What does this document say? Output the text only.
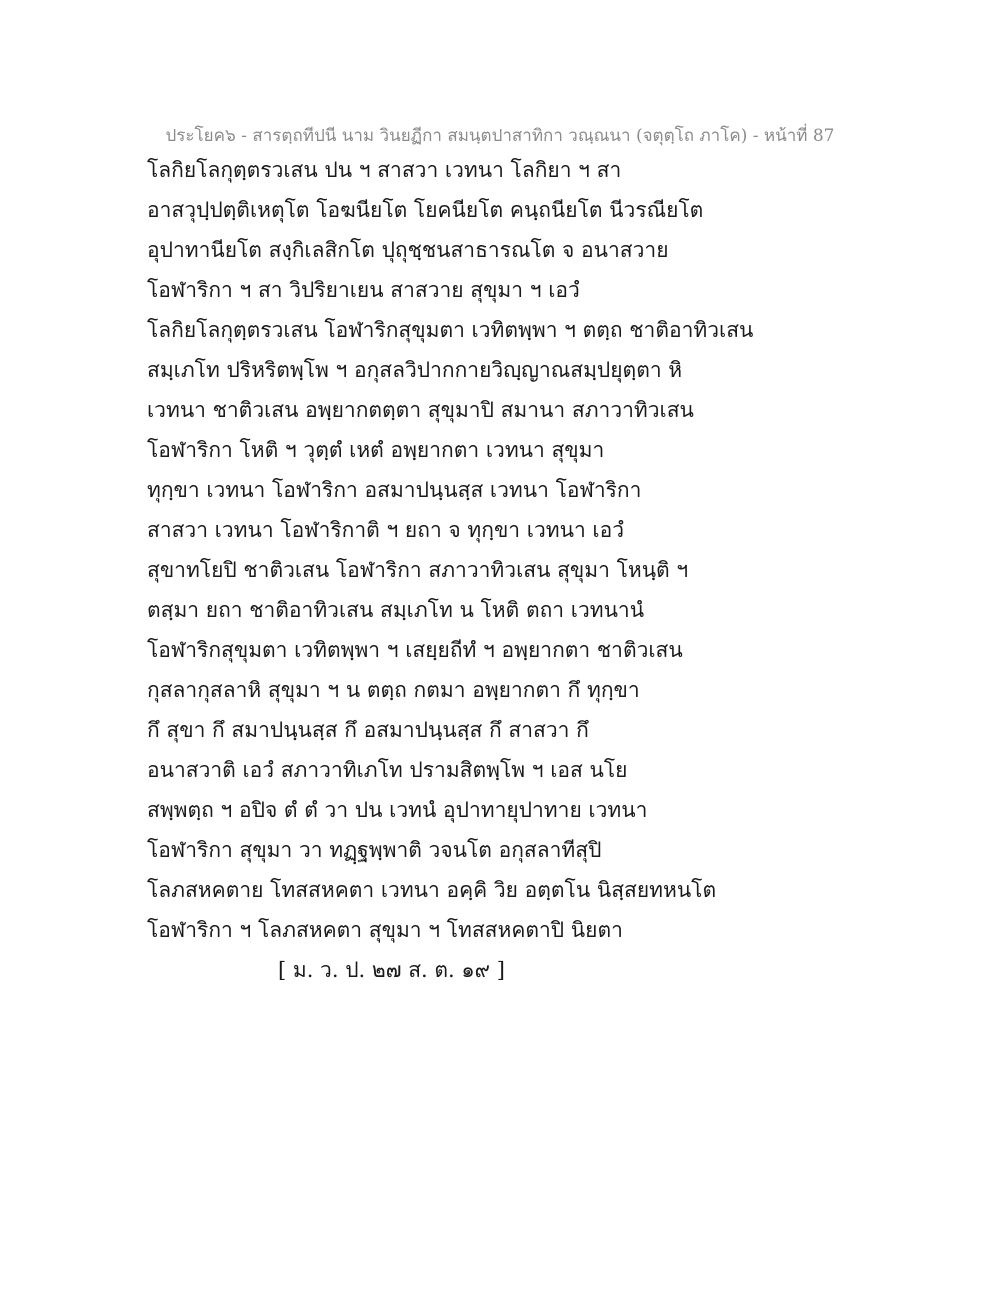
ประโยค๖ - สารตฺถทีปนี นาม วินยฏีกา สมนฺตปาสาทิกา วณฺณนา (จตุตฺโถ ภาโค) - หน้าที่ 87
โลกิยโลกุตฺตรวเสน ปน ฯ สาสวา เวทนา โลกิยา ฯ สา
อาสวุปฺปตฺติเหตุโต โอฆนียโต โยคนียโต คนฺถนียโต นีวรณียโต
อุปาทานียโต สงฺกิเลสิกโต ปุถุชฺชนสาธารณโต จ อนาสวาย
โอฬาริกา ฯ สา วิปริยาเยน สาสวาย สุขุมา ฯ เอวํ
โลกิยโลกุตฺตรวเสน โอฬาริกสุขุมตา เวทิตพฺพา ฯ ตตฺถ ชาติอาทิวเสน
สมฺเภโท ปริหริตพฺโพ ฯ อกุสลวิปากกายวิญฺญาณสมฺปยุตฺตา หิ
เวทนา ชาติวเสน อพฺยากตตฺตา สุขุมาปิ สมานา สภาวาทิวเสน
โอฬาริกา โหติ ฯ วุตฺตํ เหตํ อพฺยากตา เวทนา สุขุมา
ทุกฺขา เวทนา โอฬาริกา อสมาปนฺนสฺส เวทนา โอฬาริกา
สาสวา เวทนา โอฬาริกาติ ฯ ยถา จ ทุกฺขา เวทนา เอวํ
สุขาทโยปิ ชาติวเสน โอฬาริกา สภาวาทิวเสน สุขุมา โหนฺติ ฯ
ตสฺมา ยถา ชาติอาทิวเสน สมฺเภโท น โหติ ตถา เวทนานํ
โอฬาริกสุขุมตา เวทิตพฺพา ฯ เสยฺยถีทํ ฯ อพฺยากตา ชาติวเสน
กุสลากุสลาหิ สุขุมา ฯ น ตตฺถ กตมา อพฺยากตา กึ ทุกฺขา
กึ สุขา กึ สมาปนฺนสฺส กึ อสมาปนฺนสฺส กึ สาสวา กึ
อนาสวาติ เอวํ สภาวาทิเภโท ปรามสิตพฺโพ ฯ เอส นโย
สพฺพตฺถ ฯ อปิจ ตํ ตํ วา ปน เวทนํ อุปาทายุปาทาย เวทนา
โอฬาริกา สุขุมา วา ทฏฺฐพฺพาติ วจนโต อกุสลาทีสุปิ
โลภสหคตาย โทสสหคตา เวทนา อคฺคิ วิย อตฺตโน นิสฺสยทหนโต
โอฬาริกา ฯ โลภสหคตา สุขุมา ฯ โทสสหคตาปิ นิยตา
[ ม. ว. ป. ๒๗ ส. ต. ๑๙ ]
